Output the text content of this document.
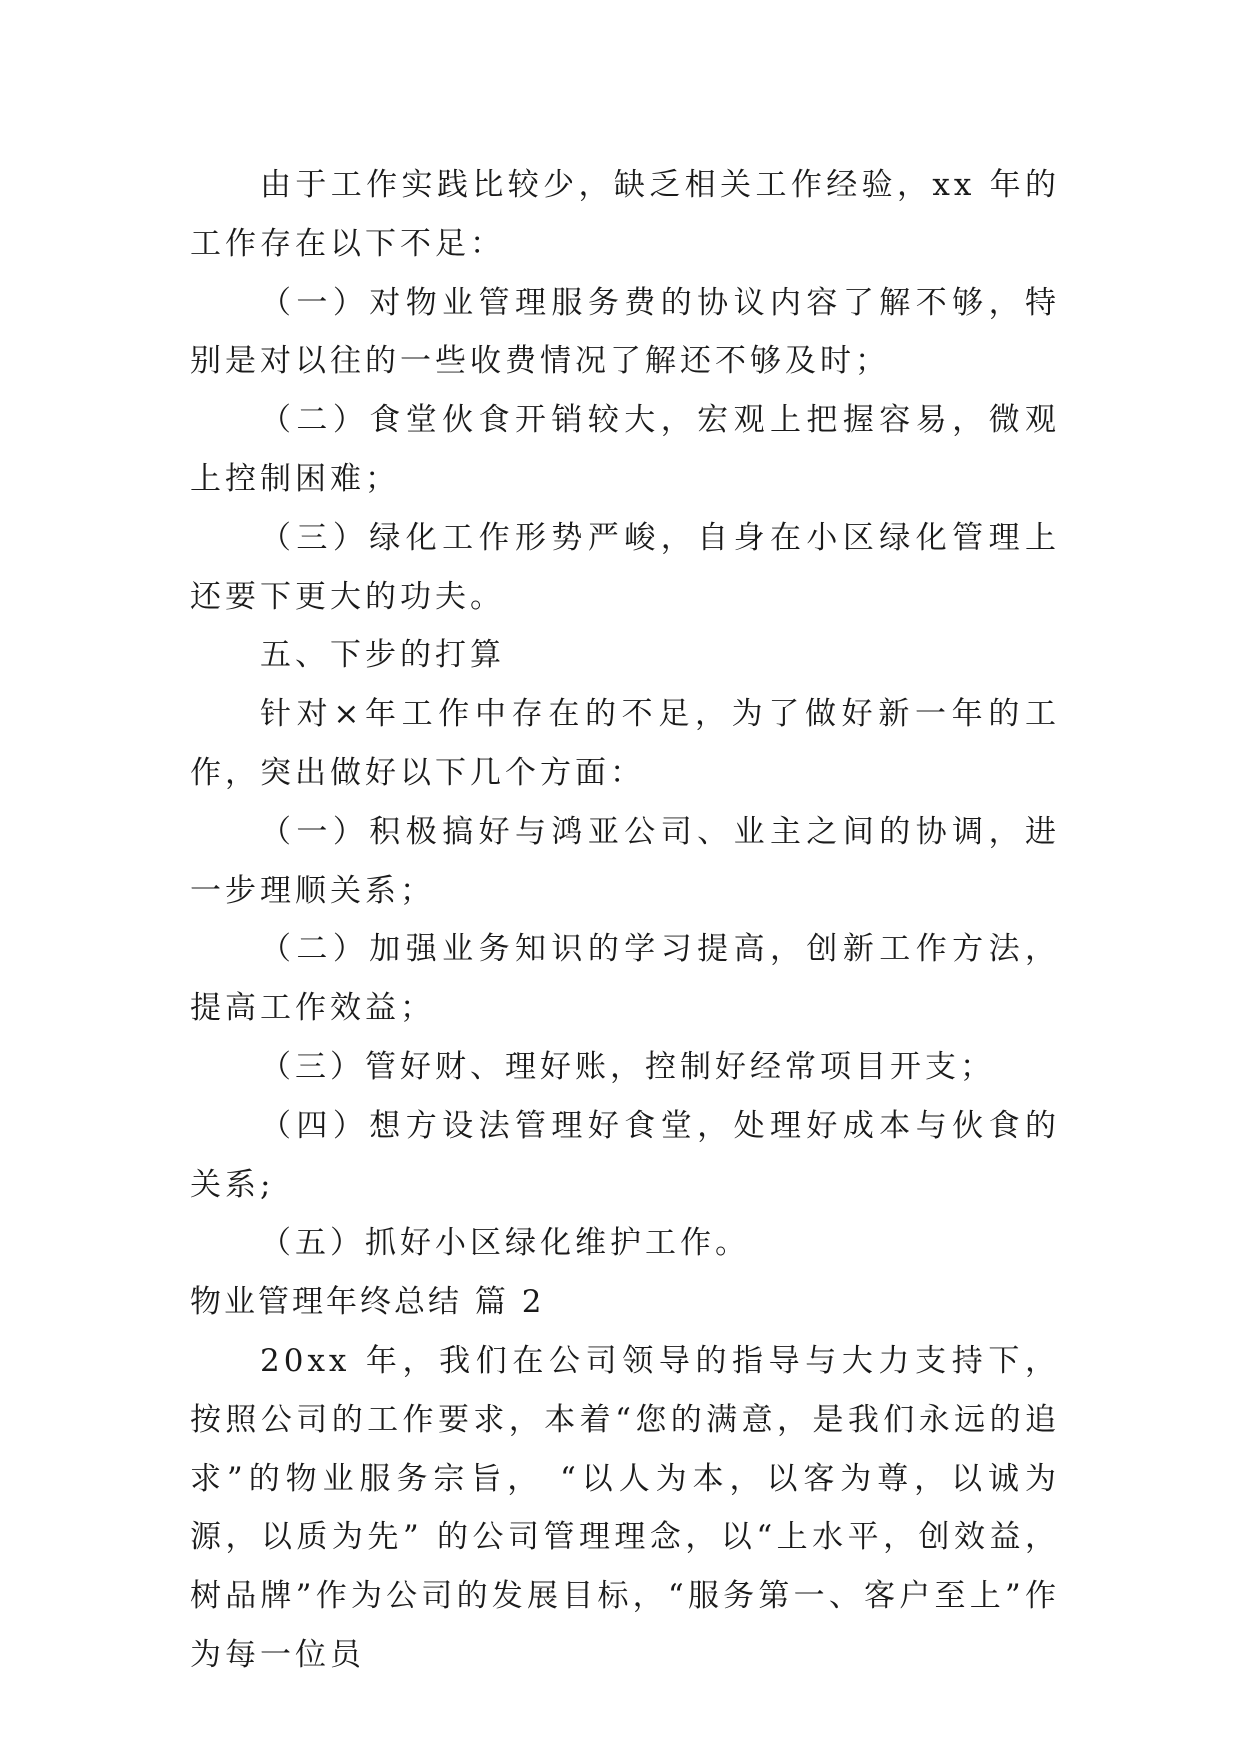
由于工作实践比较少，缺乏相关工作经验，xx 年的工作存在以下不足：

（一）对物业管理服务费的协议内容了解不够，特别是对以往的一些收费情况了解还不够及时；

（二）食堂伙食开销较大，宏观上把握容易，微观上控制困难；

（三）绿化工作形势严峻，自身在小区绿化管理上还要下更大的功夫。

五、下步的打算

针对×年工作中存在的不足，为了做好新一年的工作，突出做好以下几个方面：

（一）积极搞好与鸿亚公司、业主之间的协调，进一步理顺关系；

（二）加强业务知识的学习提高，创新工作方法，提高工作效益；

（三）管好财、理好账，控制好经常项目开支；

（四）想方设法管理好食堂，处理好成本与伙食的关系;

（五）抓好小区绿化维护工作。

物业管理年终总结 篇 2

20xx 年，我们在公司领导的指导与大力支持下，按照公司的工作要求，本着“您的满意，是我们永远的追求”的物业服务宗旨， “以人为本，以客为尊，以诚为源，以质为先” 的公司管理理念，以“上水平，创效益，树品牌”作为公司的发展目标，“服务第一、客户至上”作为每一位员
